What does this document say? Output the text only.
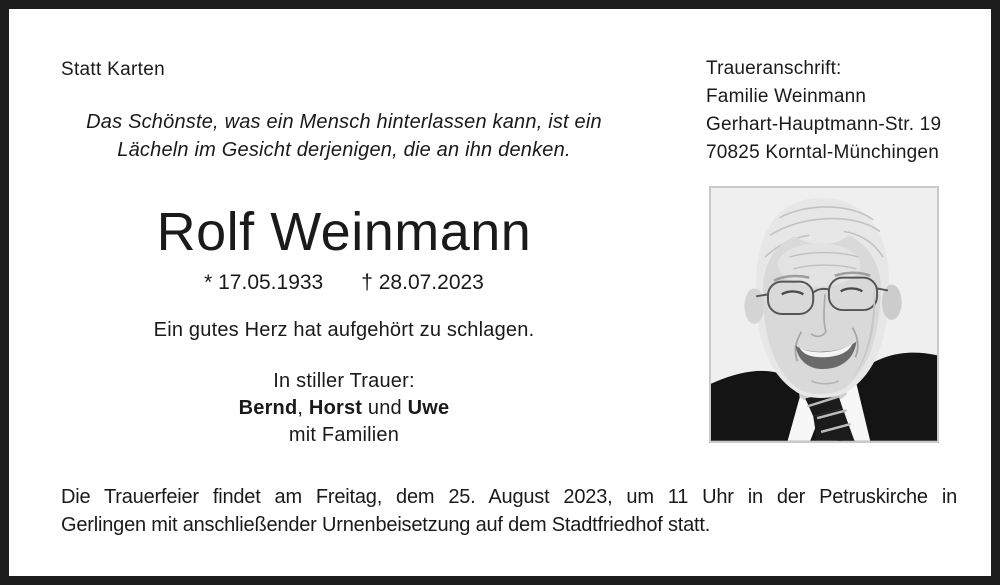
Statt Karten	Traueranschrift:
Familie Weinmann
Gerhart-Hauptmann-Str. 19
70825 Korntal-Münchingen
Das Schönste, was ein Mensch hinterlassen kann, ist ein
Lächeln im Gesicht derjenigen, die an ihn denken.
Rolf Weinmann
* 17.05.1933 † 28.07.2023
Ein gutes Herz hat aufgehört zu schlagen.
In stiller Trauer:
Bernd, Horst und Uwe
mit Familien
Die Trauerfeier findet am Freitag, dem 25. August 2023, um 11 Uhr in der Petruskirche in
Gerlingen mit anschließender Urnenbeisetzung auf dem Stadtfriedhof statt.
